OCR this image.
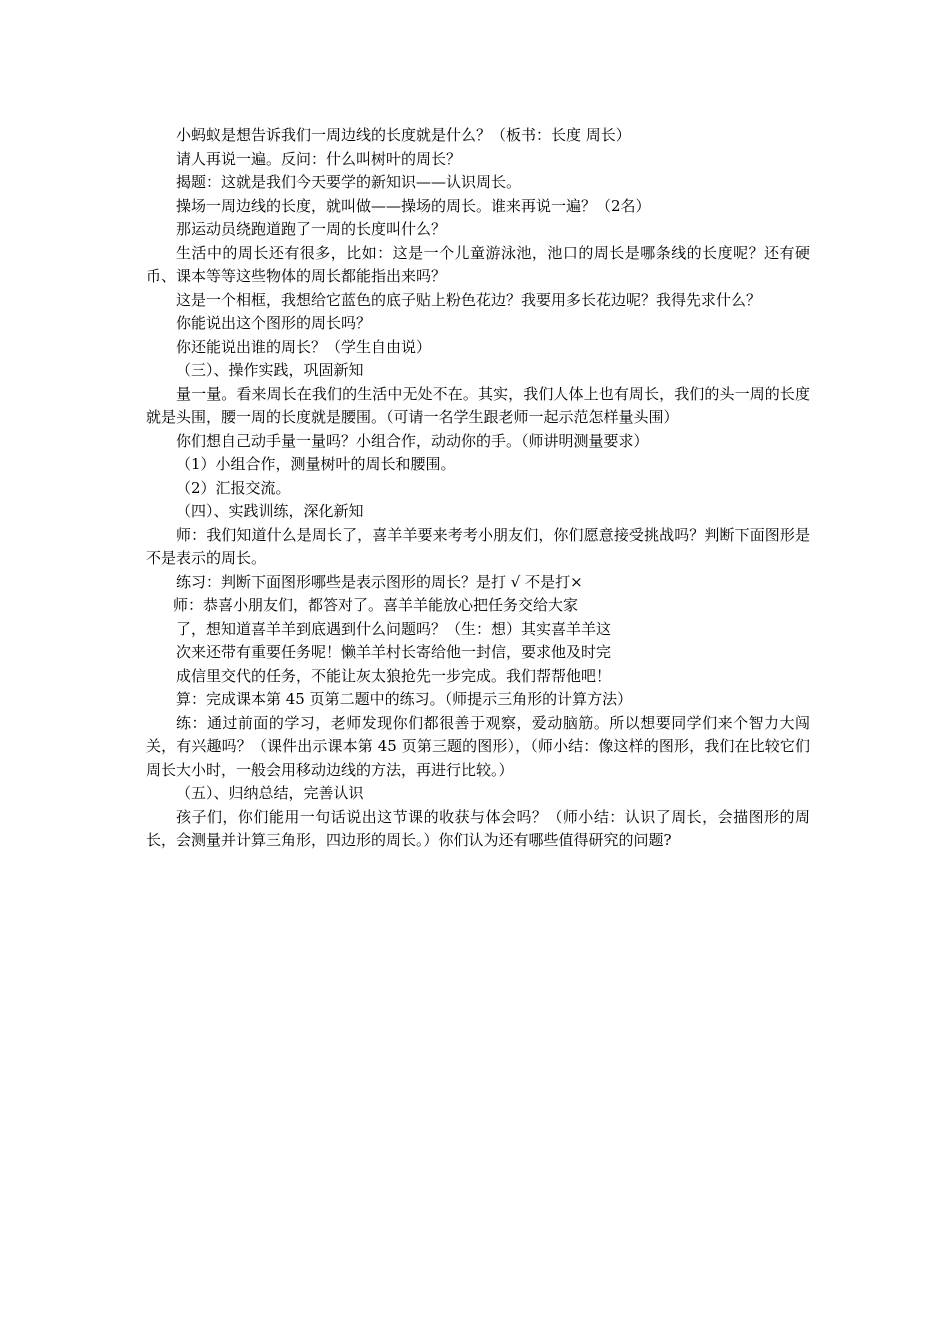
小蚂蚁是想告诉我们一周边线的长度就是什么？（板书：长度 周长）

请人再说一遍。反问：什么叫树叶的周长？

揭题：这就是我们今天要学的新知识——认识周长。

操场一周边线的长度，就叫做——操场的周长。谁来再说一遍？（2名）

那运动员绕跑道跑了一周的长度叫什么？

生活中的周长还有很多，比如：这是一个儿童游泳池，池口的周长是哪条线的长度呢？还有硬币、课本等等这些物体的周长都能指出来吗？

这是一个相框，我想给它蓝色的底子贴上粉色花边？我要用多长花边呢？我得先求什么？

你能说出这个图形的周长吗？

你还能说出谁的周长？（学生自由说）

（三）、操作实践，巩固新知

量一量。看来周长在我们的生活中无处不在。其实，我们人体上也有周长，我们的头一周的长度就是头围，腰一周的长度就是腰围。（可请一名学生跟老师一起示范怎样量头围）

你们想自己动手量一量吗？小组合作，动动你的手。（师讲明测量要求）

（1）小组合作，测量树叶的周长和腰围。

（2）汇报交流。

（四）、实践训练，深化新知

师：我们知道什么是周长了，喜羊羊要来考考小朋友们，你们愿意接受挑战吗？判断下面图形是不是表示的周长。

练习：判断下面图形哪些是表示图形的周长？是打 √ 不是打×

师：恭喜小朋友们，都答对了。喜羊羊能放心把任务交给大家

了，想知道喜羊羊到底遇到什么问题吗？（生：想）其实喜羊羊这

次来还带有重要任务呢！懒羊羊村长寄给他一封信，要求他及时完

成信里交代的任务，不能让灰太狼抢先一步完成。我们帮帮他吧！

算：完成课本第 45 页第二题中的练习。（师提示三角形的计算方法）

练：通过前面的学习，老师发现你们都很善于观察，爱动脑筋。所以想要同学们来个智力大闯关，有兴趣吗？（课件出示课本第 45 页第三题的图形），（师小结：像这样的图形，我们在比较它们周长大小时，一般会用移动边线的方法，再进行比较。）

（五）、归纳总结，完善认识

孩子们，你们能用一句话说出这节课的收获与体会吗？（师小结：认识了周长，会描图形的周长，会测量并计算三角形，四边形的周长。）你们认为还有哪些值得研究的问题?
